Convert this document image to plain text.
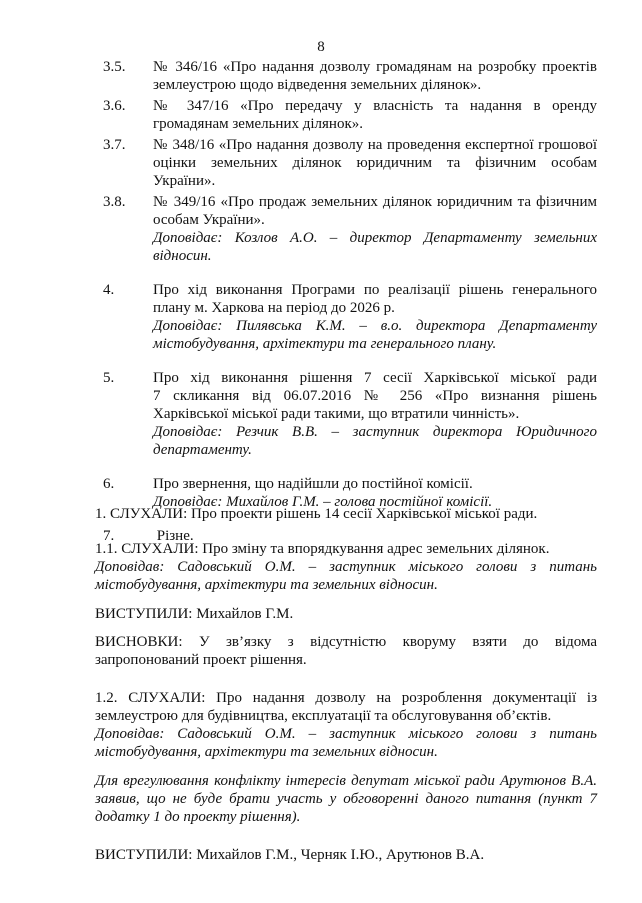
8
3.5. № 346/16 «Про надання дозволу громадянам на розробку проектів
землеустрою щодо відведення земельних ділянок».
3.6. № 347/16 «Про передачу у власність та надання в оренду
громадянам земельних ділянок».
3.7. № 348/16 «Про надання дозволу на проведення експертної грошової
оцінки земельних ділянок юридичним та фізичним особам
України».
3.8. № 349/16 «Про продаж земельних ділянок юридичним та фізичним
особам України».
Доповідає: Козлов А.О. – директор Департаменту земельних
відносин.
4.	Про хід виконання Програми по реалізації рішень генерального
плану м. Харкова на період до 2026 р.
Доповідає: Пилявська К.М. – в.о. директора Департаменту
містобудування, архітектури та генерального плану.
5.	Про хід виконання рішення 7 сесії Харківської міської ради
7 скликання від 06.07.2016 № 256 «Про визнання рішень
Харківської міської ради такими, що втратили чинність».
Доповідає: Резчик В.В. – заступник директора Юридичного
департаменту.
6.	Про звернення, що надійшли до постійної комісії.
Доповідає: Михайлов Г.М. – голова постійної комісії.
7.	Різне.

1. СЛУХАЛИ: Про проекти рішень 14 сесії Харківської міської ради.

1.1. СЛУХАЛИ: Про зміну та впорядкування адрес земельних ділянок.

Доповідав: Садовський О.М. – заступник міського голови з питань

містобудування, архітектури та земельних відносин.

ВИСТУПИЛИ: Михайлов Г.М.

ВИСНОВКИ: У зв’язку з відсутністю кворуму взяти до відома

запропонований проект рішення.

1.2. СЛУХАЛИ: Про надання дозволу на розроблення документації із

землеустрою для будівництва, експлуатації та обслуговування об’єктів.

Доповідав: Садовський О.М. – заступник міського голови з питань

містобудування, архітектури та земельних відносин.

Для врегулювання конфлікту інтересів депутат міської ради Арутюнов В.А.

заявив, що не буде брати участь у обговоренні даного питання (пункт 7

додатку 1 до проекту рішення).

ВИСТУПИЛИ: Михайлов Г.М., Черняк І.Ю., Арутюнов В.А.
